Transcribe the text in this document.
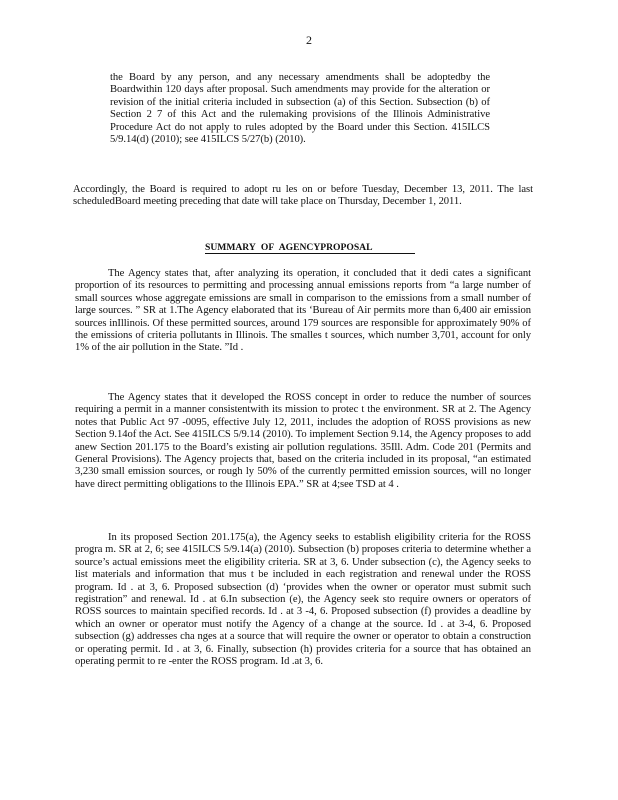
2

the Board by any person, and any necessary amendments shall be adoptedby the Boardwithin 120 days after proposal. Such amendments may provide for the alteration or revision of the initial criteria included in subsection (a) of this Section. Subsection (b) of Section 2 7 of this Act and the rulemaking provisions of the Illinois Administrative Procedure Act do not apply to rules adopted by the Board under this Section. 415ILCS 5/9.14(d) (2010); see 415ILCS 5/27(b) (2010).

Accordingly, the Board is required to adopt ru les on or before Tuesday, December 13, 2011. The last scheduledBoard meeting preceding that date will take place on Thursday, December 1, 2011.

SUMMARY OF AGENCYPROPOSAL

The Agency states that, after analyzing its operation, it concluded that it dedi cates a significant proportion of its resources to permitting and processing annual emissions reports from “a large number of small sources whose aggregate emissions are small in comparison to the emissions from a small number of large sources. ” SR at 1.The Agency elaborated that its ‘Bureau of Air permits more than 6,400 air emission sources inIllinois. Of these permitted sources, around 179 sources are responsible for approximately 90% of the emissions of criteria pollutants in Illinois. The smalles t sources, which number 3,701, account for only 1% of the air pollution in the State. ”Id .

The Agency states that it developed the ROSS concept in order to reduce the number of sources requiring a permit in a manner consistentwith its mission to protec t the environment. SR at 2. The Agency notes that Public Act 97 -0095, effective July 12, 2011, includes the adoption of ROSS provisions as new Section 9.14of the Act. See 415ILCS 5/9.14 (2010). To implement Section 9.14, the Agency proposes to add anew Section 201.175 to the Board’s existing air pollution regulations. 35Ill. Adm. Code 201 (Permits and General Provisions). The Agency projects that, based on the criteria included in its proposal, “an estimated 3,230 small emission sources, or rough ly 50% of the currently permitted emission sources, will no longer have direct permitting obligations to the Illinois EPA.” SR at 4;see TSD at 4 .

In its proposed Section 201.175(a), the Agency seeks to establish eligibility criteria for the ROSS progra m. SR at 2, 6; see 415ILCS 5/9.14(a) (2010). Subsection (b) proposes criteria to determine whether a source’s actual emissions meet the eligibility criteria. SR at 3, 6. Under subsection (c), the Agency seeks to list materials and information that mus t be included in each registration and renewal under the ROSS program. Id . at 3, 6. Proposed subsection (d) ‘provides when the owner or operator must submit such registration” and renewal. Id . at 6.In subsection (e), the Agency seek sto require owners or operators of ROSS sources to maintain specified records. Id . at 3 -4, 6. Proposed subsection (f) provides a deadline by which an owner or operator must notify the Agency of a change at the source. Id . at 3-4, 6. Proposed subsection (g) addresses cha nges at a source that will require the owner or operator to obtain a construction or operating permit. Id . at 3, 6. Finally, subsection (h) provides criteria for a source that has obtained an operating permit to re -enter the ROSS program. Id .at 3, 6.
